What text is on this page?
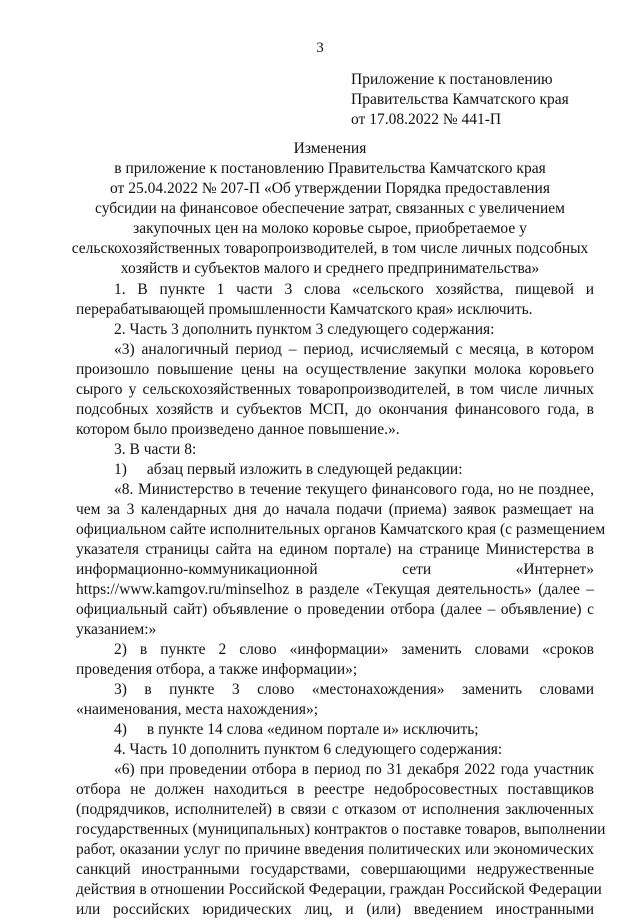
3
Приложение к постановлению
Правительства Камчатского края
от 17.08.2022 № 441-П
Изменения
в приложение к постановлению Правительства Камчатского края
от 25.04.2022 № 207-П «Об утверждении Порядка предоставления
субсидии на финансовое обеспечение затрат, связанных с увеличением
закупочных цен на молоко коровье сырое, приобретаемое у
сельскохозяйственных товаропроизводителей, в том числе личных подсобных
хозяйств и субъектов малого и среднего предпринимательства»

1. В пункте 1 части 3 слова «сельского хозяйства, пищевой и
перерабатывающей промышленности Камчатского края» исключить.

2. Часть 3 дополнить пунктом 3 следующего содержания:

«3) аналогичный период – период, исчисляемый с месяца, в котором
произошло повышение цены на осуществление закупки молока коровьего
сырого у сельскохозяйственных товаропроизводителей, в том числе личных
подсобных хозяйств и субъектов МСП, до окончания финансового года, в
котором было произведено данное повышение.».

3. В части 8:

1) абзац первый изложить в следующей редакции:

«8. Министерство в течение текущего финансового года, но не позднее,
чем за 3 календарных дня до начала подачи (приема) заявок размещает на
официальном сайте исполнительных органов Камчатского края (с размещением
указателя страницы сайта на едином портале) на странице Министерства в
информационно-коммуникационной сети «Интернет»
https://www.kamgov.ru/minselhoz в разделе «Текущая деятельность» (далее –
официальный сайт) объявление о проведении отбора (далее – объявление) с
указанием:»

2) в пункте 2 слово «информации» заменить словами «сроков
проведения отбора, а также информации»;

3) в пункте 3 слово «местонахождения» заменить словами
«наименования, места нахождения»;

4) в пункте 14 слова «едином портале и» исключить;

4. Часть 10 дополнить пунктом 6 следующего содержания:

«6) при проведении отбора в период по 31 декабря 2022 года участник
отбора не должен находиться в реестре недобросовестных поставщиков
(подрядчиков, исполнителей) в связи с отказом от исполнения заключенных
государственных (муниципальных) контрактов о поставке товаров, выполнении
работ, оказании услуг по причине введения политических или экономических
санкций иностранными государствами, совершающими недружественные
действия в отношении Российской Федерации, граждан Российской Федерации
или российских юридических лиц, и (или) введением иностранными
